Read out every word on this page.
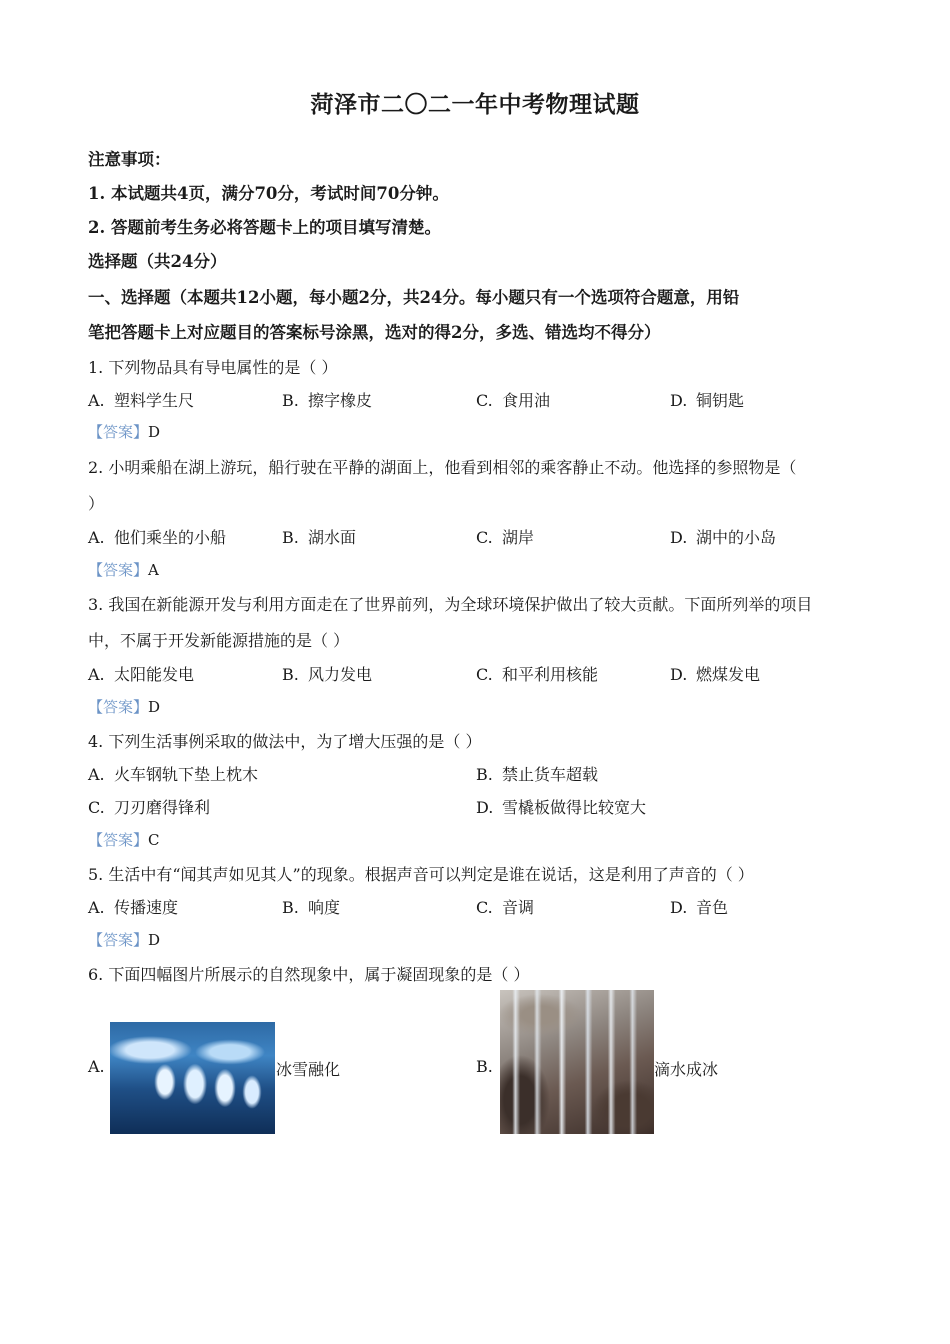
菏泽市二〇二一年中考物理试题
注意事项：
1. 本试题共4页，满分70分，考试时间70分钟。
2. 答题前考生务必将答题卡上的项目填写清楚。
选择题（共24分）
一、选择题（本题共12小题，每小题2分，共24分。每小题只有一个选项符合题意，用铅
笔把答题卡上对应题目的答案标号涂黑，选对的得2分，多选、错选均不得分）
1. 下列物品具有导电属性的是（ ）
A. 塑料学生尺	B. 擦字橡皮	C. 食用油	D. 铜钥匙
【答案】D
2. 小明乘船在湖上游玩，船行驶在平静的湖面上，他看到相邻的乘客静止不动。他选择的参照物是（
）
A. 他们乘坐的小船	B. 湖水面	C. 湖岸	D. 湖中的小岛
【答案】A
3. 我国在新能源开发与利用方面走在了世界前列，为全球环境保护做出了较大贡献。下面所列举的项目
中，不属于开发新能源措施的是（ ）
A. 太阳能发电	B. 风力发电	C. 和平利用核能	D. 燃煤发电
【答案】D
4. 下列生活事例采取的做法中，为了增大压强的是（ ）
A. 火车钢轨下垫上枕木	B. 禁止货车超载
C. 刀刃磨得锋利	D. 雪橇板做得比较宽大
【答案】C
5. 生活中有“闻其声如见其人”的现象。根据声音可以判定是谁在说话，这是利用了声音的（ ）
A. 传播速度	B. 响度	C. 音调	D. 音色
【答案】D
6. 下面四幅图片所展示的自然现象中，属于凝固现象的是（ ）
A.	冰雪融化	B.	滴水成冰
